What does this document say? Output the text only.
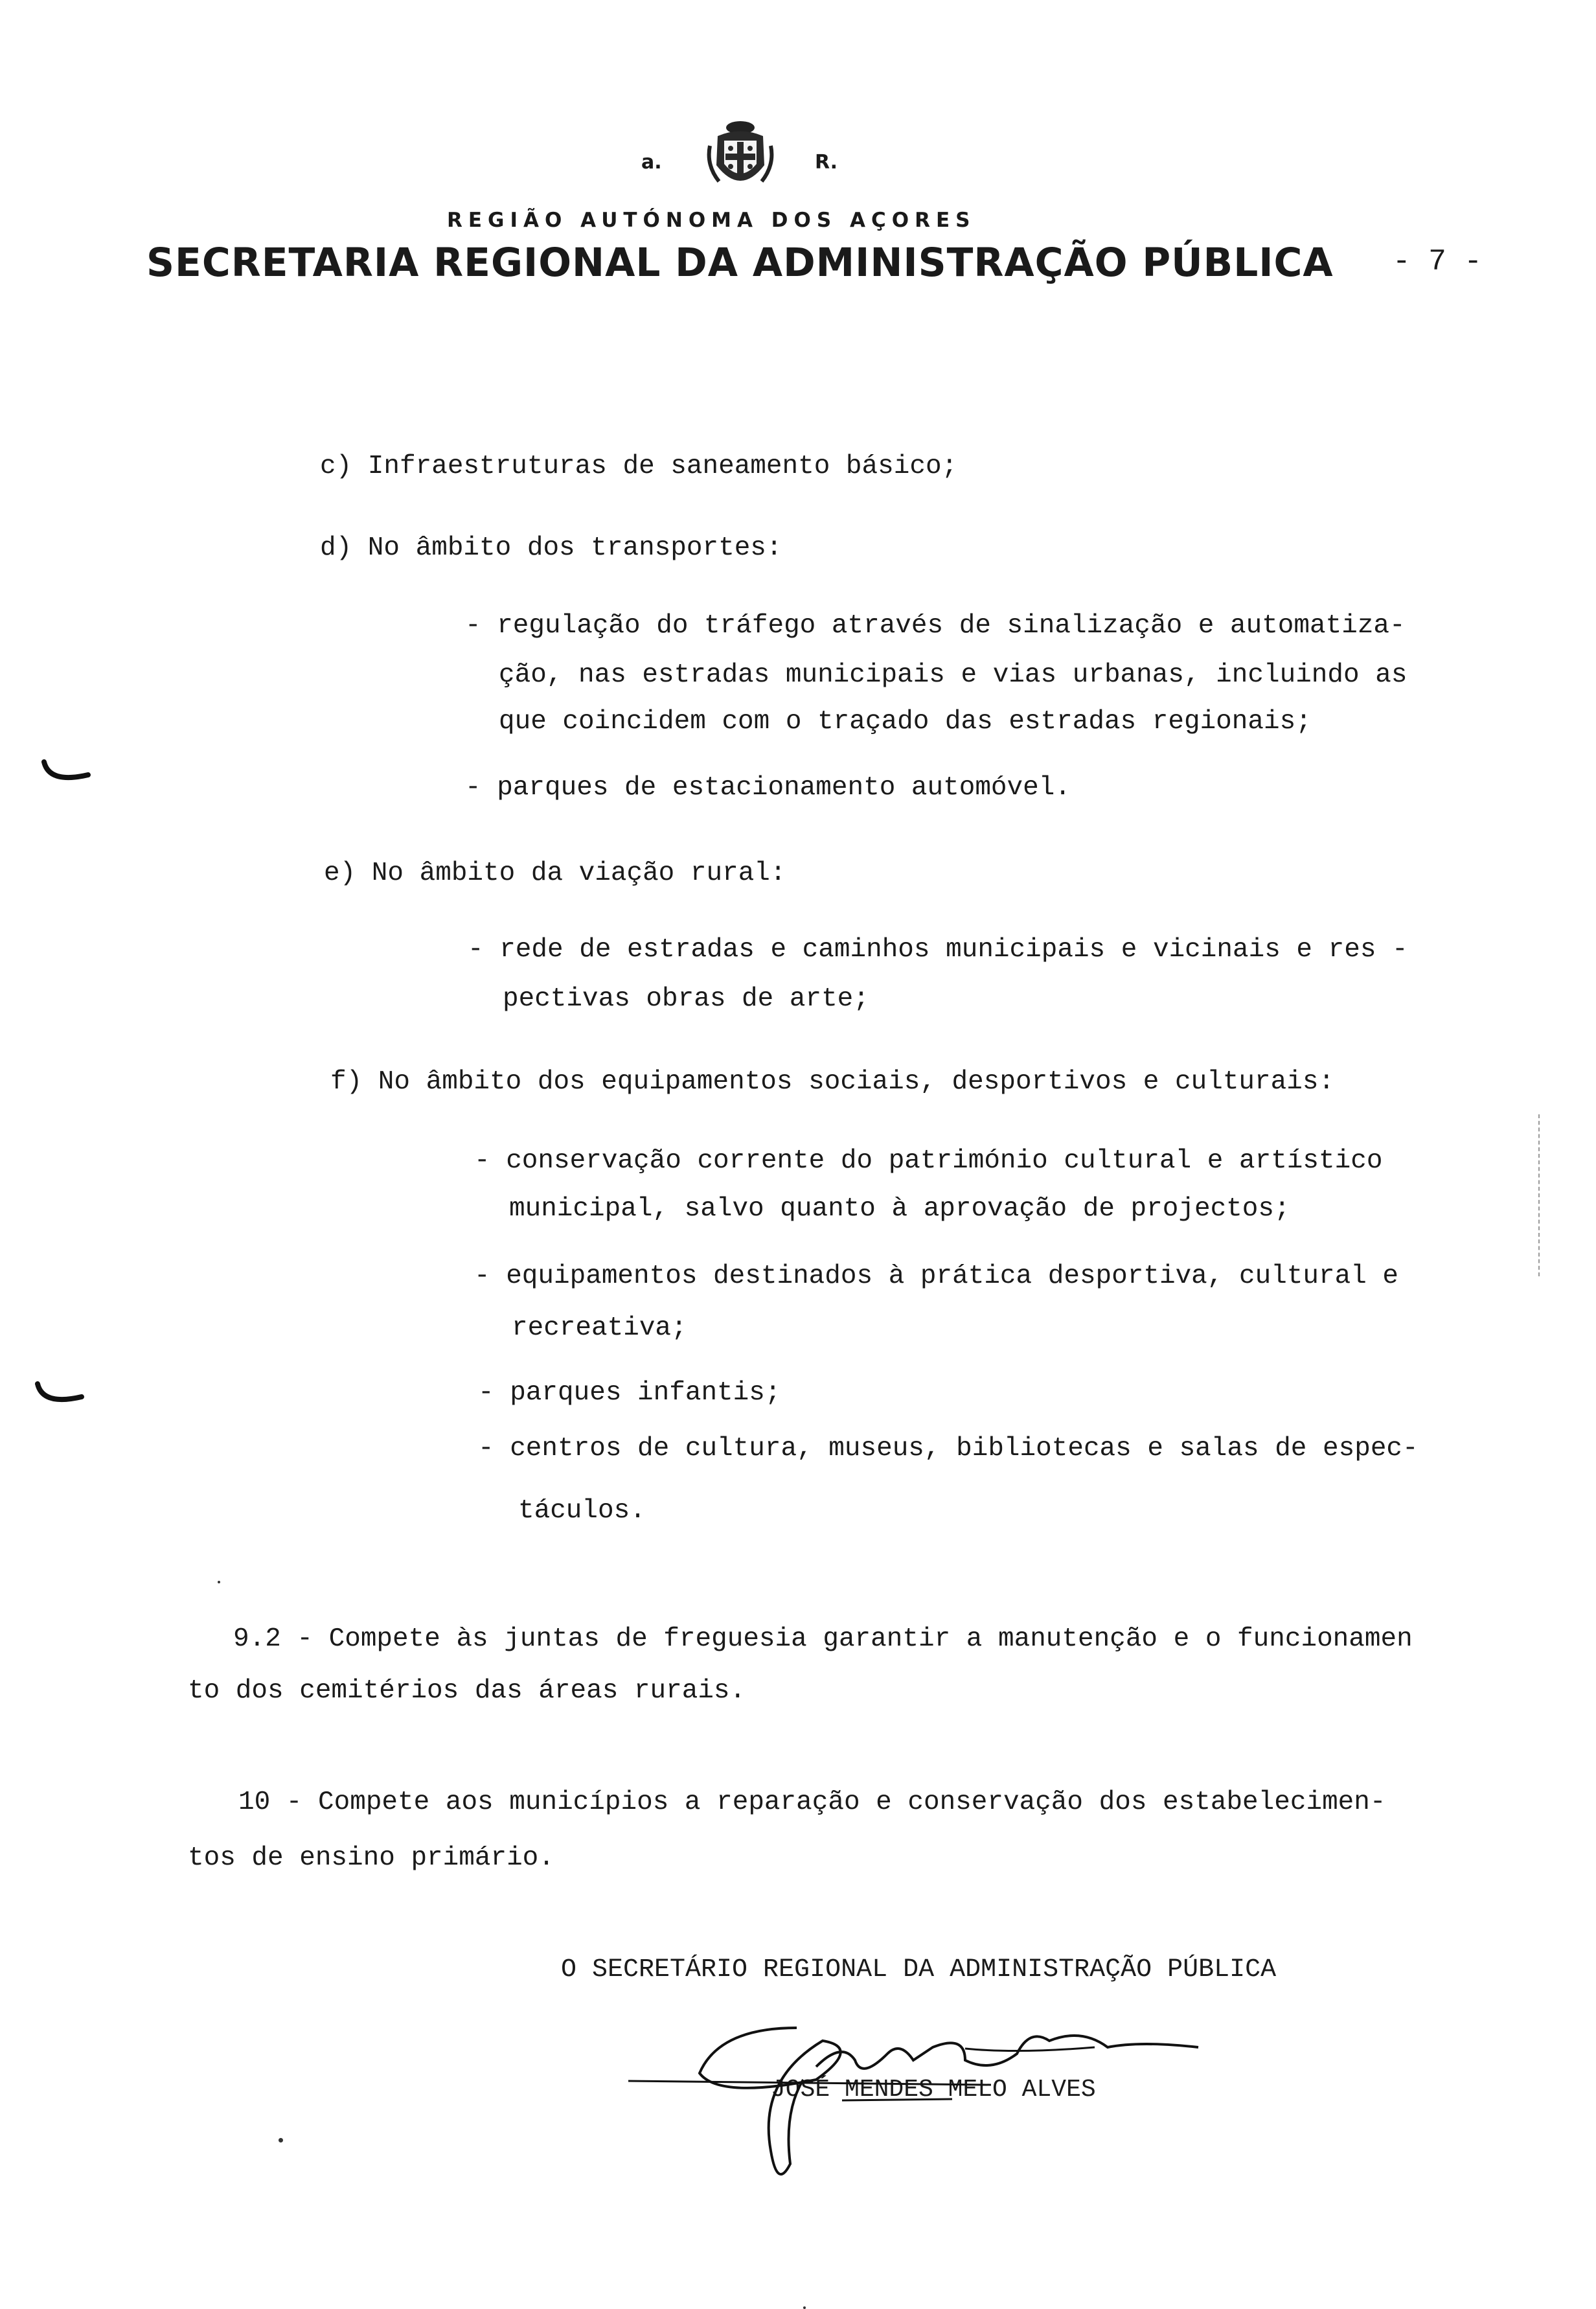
a.	R.
REGIÃO AUTÓNOMA DOS AÇORES
SECRETARIA REGIONAL DA ADMINISTRAÇÃO PÚBLICA - 7 -
c) Infraestruturas de saneamento básico;
d) No âmbito dos transportes:
- regulação do tráfego através de sinalização e automatiza-
ção, nas estradas municipais e vias urbanas, incluindo as
que coincidem com o traçado das estradas regionais;
- parques de estacionamento automóvel.
e) No âmbito da viação rural:
- rede de estradas e caminhos municipais e vicinais e res -
pectivas obras de arte;
f) No âmbito dos equipamentos sociais, desportivos e culturais:
- conservação corrente do património cultural e artístico
municipal, salvo quanto à aprovação de projectos;
- equipamentos destinados à prática desportiva, cultural e
recreativa;
- parques infantis;
- centros de cultura, museus, bibliotecas e salas de espec-
táculos.
9.2 - Compete às juntas de freguesia garantir a manutenção e o funcionamen
to dos cemitérios das áreas rurais.
10 - Compete aos municípios a reparação e conservação dos estabelecimen-
tos de ensino primário.
O SECRETÁRIO REGIONAL DA ADMINISTRAÇÃO PÚBLICA
JOSÉ MENDES MELO ALVES
